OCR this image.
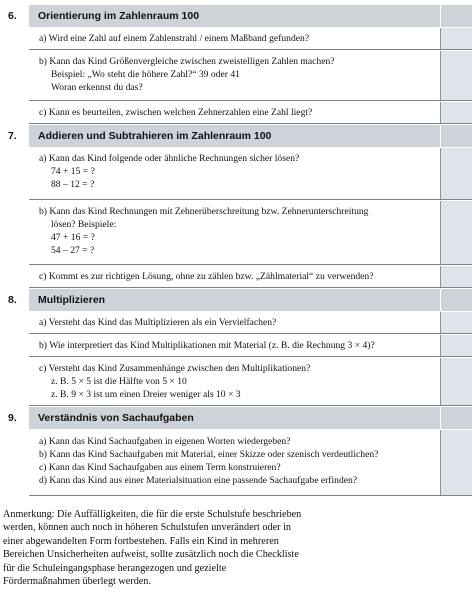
6.	Orientierung im Zahlenraum 100
a) Wird eine Zahl auf einem Zahlenstrahl / einem Maßband gefunden?
b) Kann das Kind Größenvergleiche zwischen zweistelligen Zahlen machen?
Beispiel: „Wo steht die höhere Zahl?“ 39 oder 41
Woran erkennst du das?
c) Kann es beurteilen, zwischen welchen Zehnerzahlen eine Zahl liegt?
7.	Addieren und Subtrahieren im Zahlenraum 100
a) Kann das Kind folgende oder ähnliche Rechnungen sicher lösen?
74 + 15 = ?
88 – 12 = ?
b) Kann das Kind Rechnungen mit Zehnerüberschreitung bzw. Zehnerunterschreitung
lösen? Beispiele:
47 + 16 = ?
54 – 27 = ?
c) Kommt es zur richtigen Lösung, ohne zu zählen bzw. „Zählmaterial“ zu verwenden?
8.	Multiplizieren
a) Versteht das Kind das Multiplizieren als ein Vervielfachen?
b) Wie interpretiert das Kind Multiplikationen mit Material (z. B. die Rechnung 3 × 4)?
c) Versteht das Kind Zusammenhänge zwischen den Multiplikationen?
z. B. 5 × 5 ist die Hälfte von 5 × 10
z. B. 9 × 3 ist um einen Dreier weniger als 10 × 3
9.	Verständnis von Sachaufgaben
a) Kann das Kind Sachaufgaben in eigenen Worten wiedergeben?
b) Kann das Kind Sachaufgaben mit Material, einer Skizze oder szenisch verdeutlichen?
c) Kann das Kind Sachaufgaben aus einem Term konstruieren?
d) Kann das Kind aus einer Materialsituation eine passende Sachaufgabe erfinden?
Anmerkung: Die Auffälligkeiten, die für die erste Schulstufe beschrieben
werden, können auch noch in höheren Schulstufen unverändert oder in
einer abgewandelten Form fortbestehen. Falls ein Kind in mehreren
Bereichen Unsicherheiten aufweist, sollte zusätzlich noch die Checkliste
für die Schuleingangsphase herangezogen und gezielte
Fördermaßnahmen überlegt werden.
